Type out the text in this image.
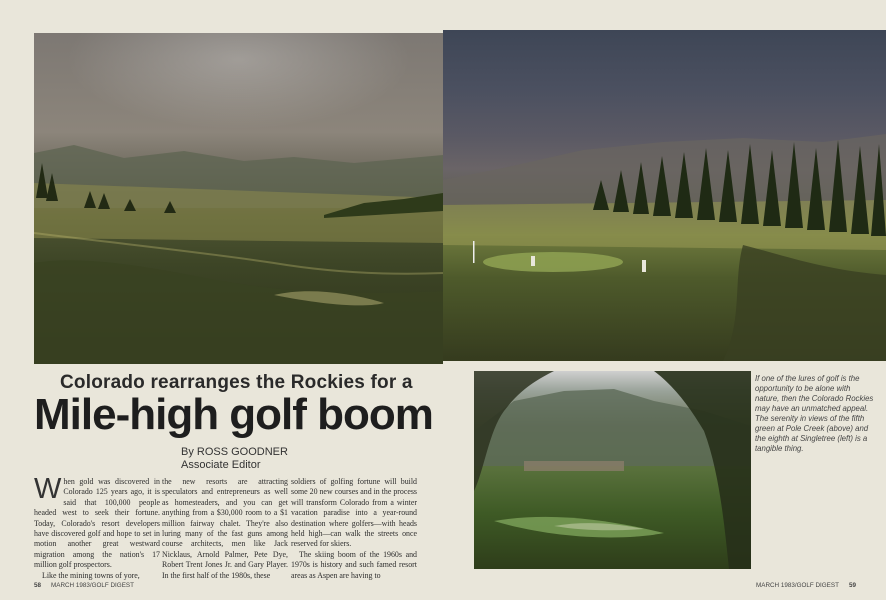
Colorado rearranges the Rockies for a
Mile-high golf boom
By ROSS GOODNER
Associate Editor

When gold was discovered in Colorado 125 years ago, it is said that 100,000 people headed west to seek their fortune. Today, Colorado's resort developers have discovered golf and hope to set in motion another great westward migration among the nation's 17 million golf prospectors.

Like the mining towns of yore,

the new resorts are attracting speculators and entrepreneurs as well as homesteaders, and you can get anything from a $30,000 room to a $1 million fairway chalet. They're also luring many of the fast guns among course architects, men like Jack Nicklaus, Arnold Palmer, Pete Dye, Robert Trent Jones Jr. and Gary Player. In the first half of the 1980s, these

soldiers of golfing fortune will build some 20 new courses and in the process will transform Colorado from a winter vacation paradise into a year-round destination where golfers—with heads held high—can walk the streets once reserved for skiers.

The skiing boom of the 1960s and 1970s is history and such famed resort areas as Aspen are having to

If one of the lures of golf is the opportunity to be alone with nature, then the Colorado Rockies may have an unmatched appeal. The serenity in views of the fifth green at Pole Creek (above) and the eighth at Singletree (left) is a tangible thing.
58 MARCH 1983/GOLF DIGEST	MARCH 1983/GOLF DIGEST 59
